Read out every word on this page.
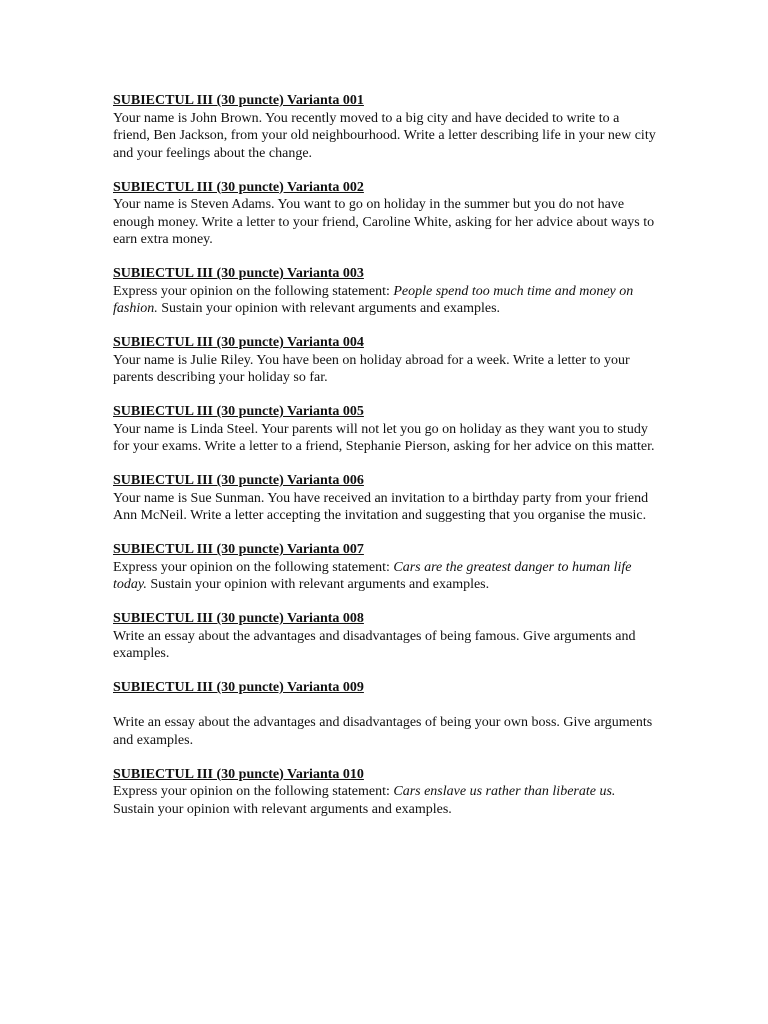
SUBIECTUL III (30 puncte) Varianta 001

Your name is John Brown. You recently moved to a big city and have decided to write to a friend, Ben Jackson, from your old neighbourhood. Write a letter describing life in your new city and your feelings about the change.

SUBIECTUL III (30 puncte) Varianta 002

Your name is Steven Adams. You want to go on holiday in the summer but you do not have enough money. Write a letter to your friend, Caroline White, asking for her advice about ways to earn extra money.

SUBIECTUL III (30 puncte) Varianta 003

Express your opinion on the following statement: People spend too much time and money on fashion. Sustain your opinion with relevant arguments and examples.

SUBIECTUL III (30 puncte) Varianta 004

Your name is Julie Riley. You have been on holiday abroad for a week. Write a letter to your parents describing your holiday so far.

SUBIECTUL III (30 puncte) Varianta 005

Your name is Linda Steel. Your parents will not let you go on holiday as they want you to study for your exams. Write a letter to a friend, Stephanie Pierson, asking for her advice on this matter.

SUBIECTUL III (30 puncte) Varianta 006

Your name is Sue Sunman. You have received an invitation to a birthday party from your friend Ann McNeil. Write a letter accepting the invitation and suggesting that you organise the music.

SUBIECTUL III (30 puncte) Varianta 007

Express your opinion on the following statement: Cars are the greatest danger to human life today. Sustain your opinion with relevant arguments and examples.

SUBIECTUL III (30 puncte) Varianta 008

Write an essay about the advantages and disadvantages of being famous. Give arguments and examples.

SUBIECTUL III (30 puncte) Varianta 009

Write an essay about the advantages and disadvantages of being your own boss. Give arguments and examples.

SUBIECTUL III (30 puncte) Varianta 010

Express your opinion on the following statement: Cars enslave us rather than liberate us. Sustain your opinion with relevant arguments and examples.
